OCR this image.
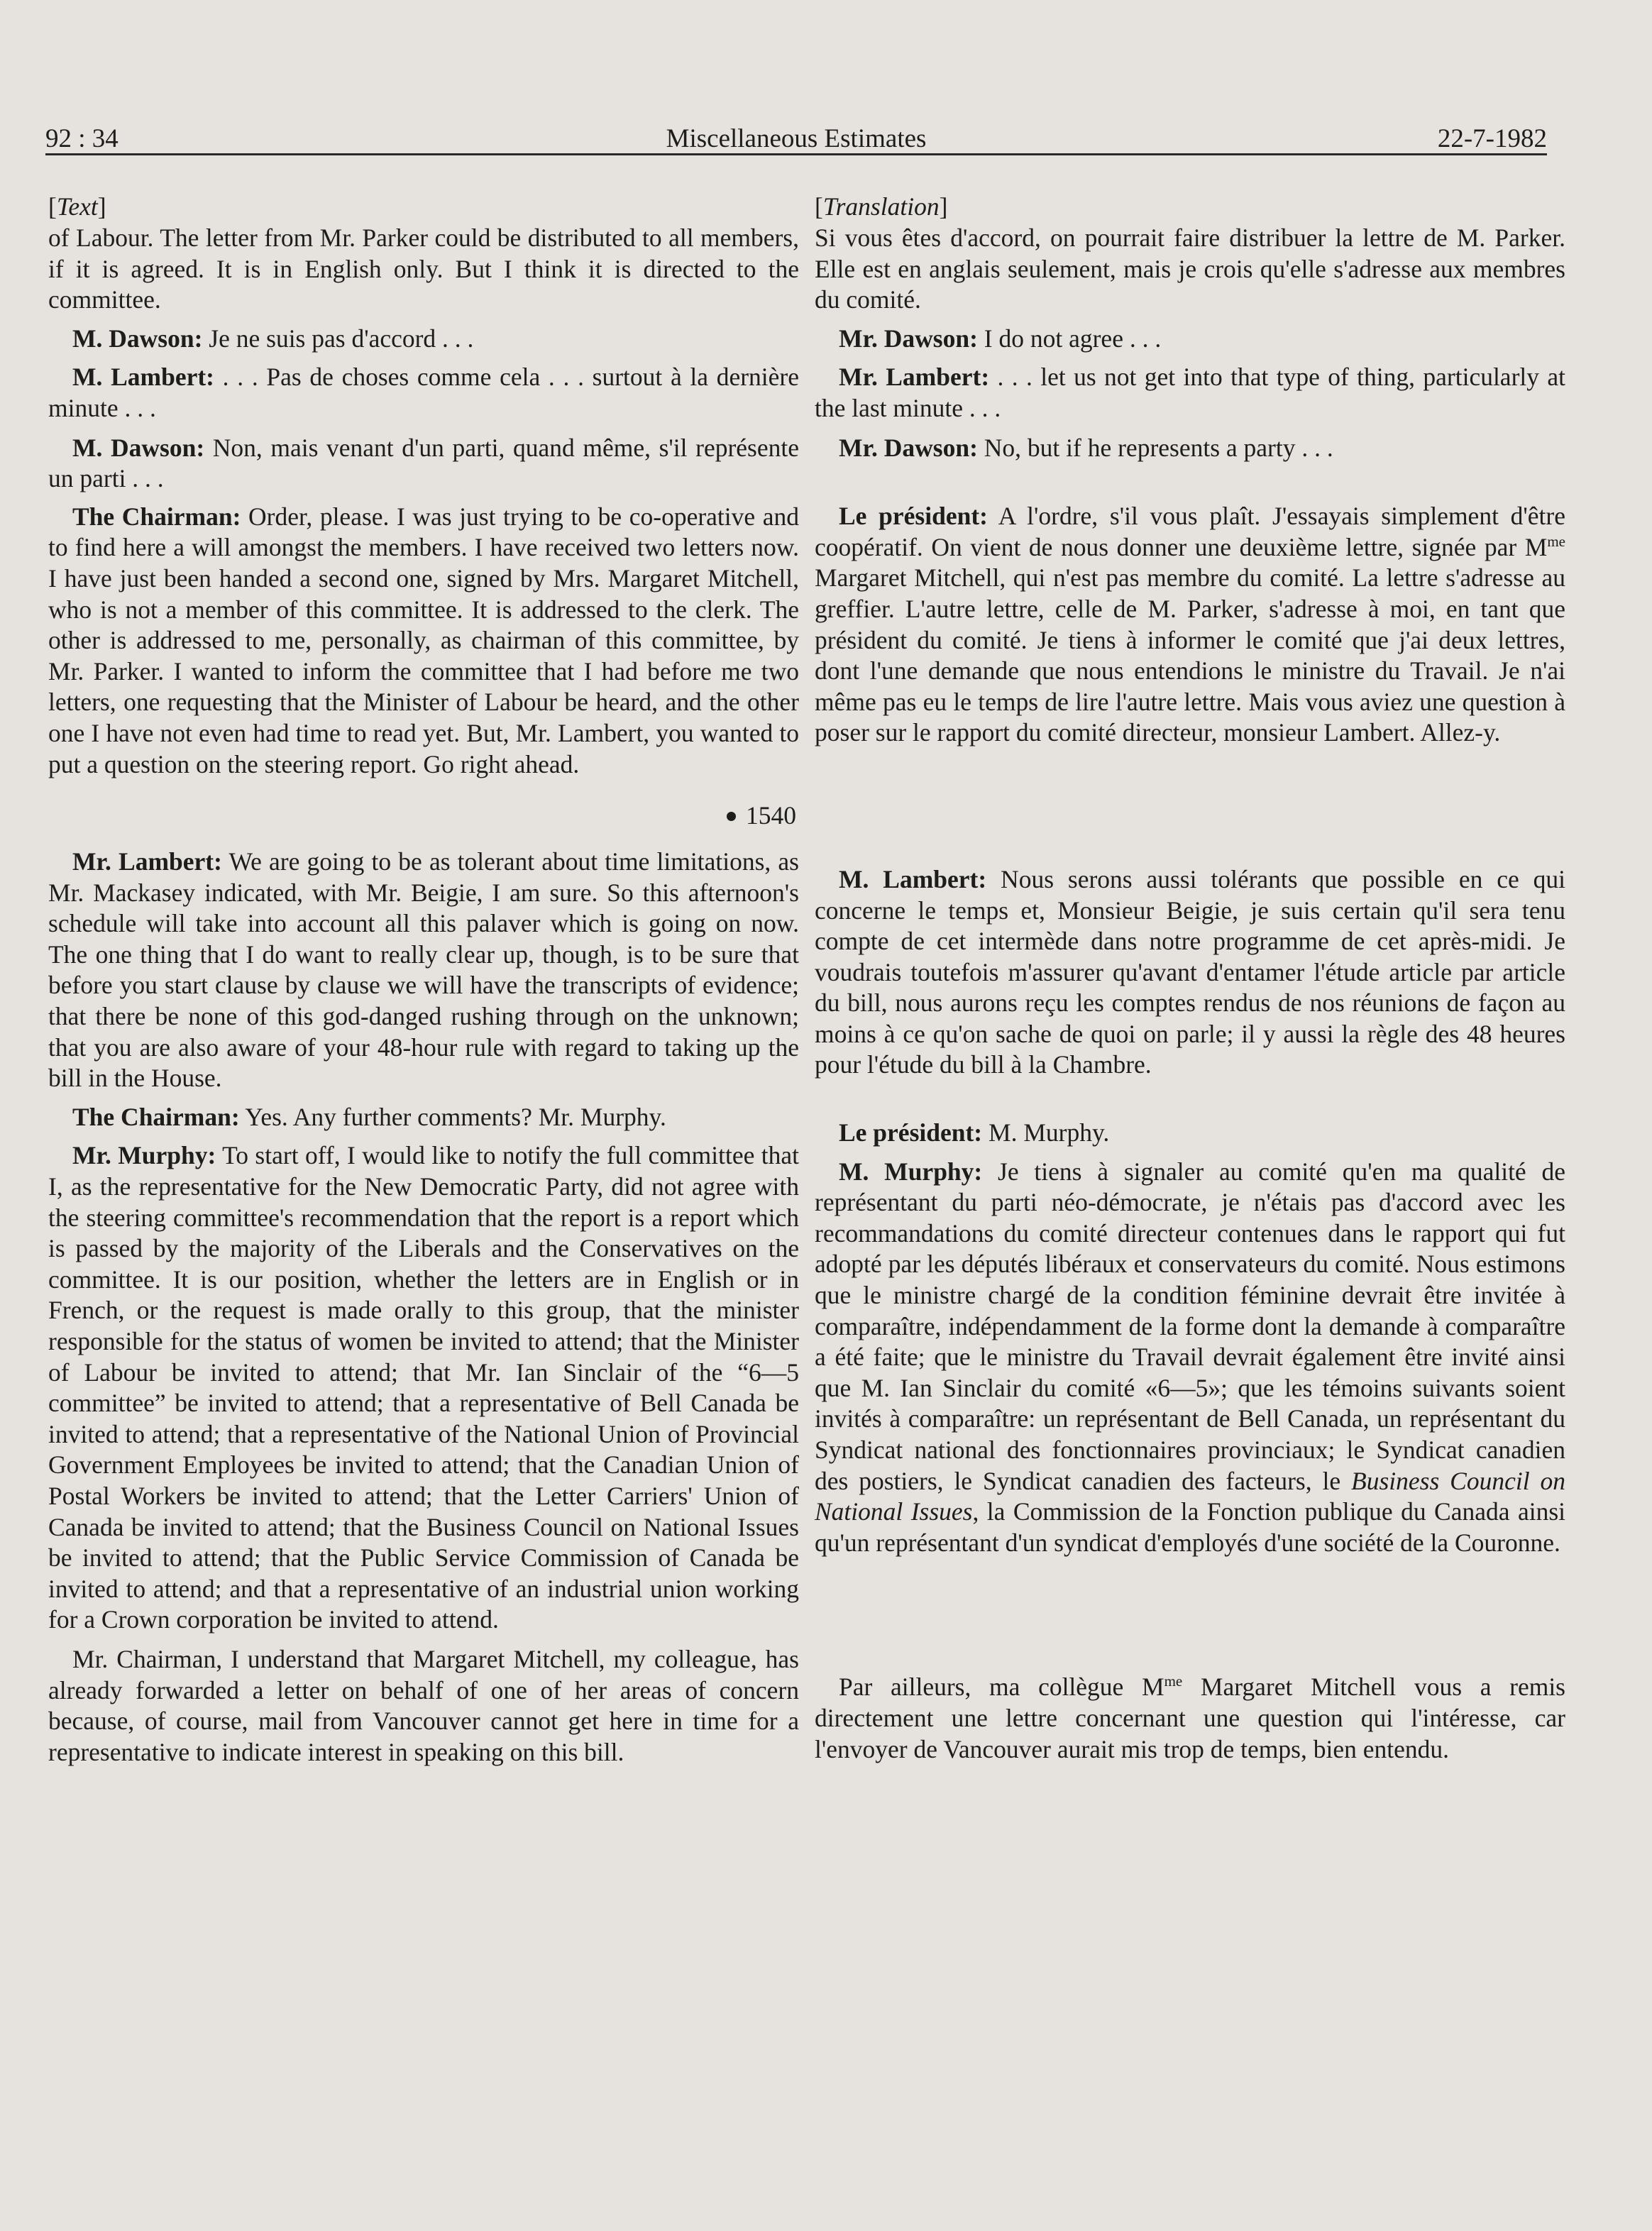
92 : 34	Miscellaneous Estimates	22-7-1982
[Text]

of Labour. The letter from Mr. Parker could be distributed to all members, if it is agreed. It is in English only. But I think it is directed to the committee.

M. Dawson: Je ne suis pas d'accord . . .

M. Lambert: . . . Pas de choses comme cela . . . surtout à la dernière minute . . .

M. Dawson: Non, mais venant d'un parti, quand même, s'il représente un parti . . .

The Chairman: Order, please. I was just trying to be co-operative and to find here a will amongst the members. I have received two letters now. I have just been handed a second one, signed by Mrs. Margaret Mitchell, who is not a member of this committee. It is addressed to the clerk. The other is addressed to me, personally, as chairman of this committee, by Mr. Parker. I wanted to inform the committee that I had before me two letters, one requesting that the Minister of Labour be heard, and the other one I have not even had time to read yet. But, Mr. Lambert, you wanted to put a question on the steering report. Go right ahead.

1540

Mr. Lambert: We are going to be as tolerant about time limitations, as Mr. Mackasey indicated, with Mr. Beigie, I am sure. So this afternoon's schedule will take into account all this palaver which is going on now. The one thing that I do want to really clear up, though, is to be sure that before you start clause by clause we will have the transcripts of evidence; that there be none of this god-danged rushing through on the unknown; that you are also aware of your 48-hour rule with regard to taking up the bill in the House.

The Chairman: Yes. Any further comments? Mr. Murphy.

Mr. Murphy: To start off, I would like to notify the full committee that I, as the representative for the New Democratic Party, did not agree with the steering committee's recommendation that the report is a report which is passed by the majority of the Liberals and the Conservatives on the committee. It is our position, whether the letters are in English or in French, or the request is made orally to this group, that the minister responsible for the status of women be invited to attend; that the Minister of Labour be invited to attend; that Mr. Ian Sinclair of the “6—5 committee” be invited to attend; that a representative of Bell Canada be invited to attend; that a representative of the National Union of Provincial Government Employees be invited to attend; that the Canadian Union of Postal Workers be invited to attend; that the Letter Carriers' Union of Canada be invited to attend; that the Business Council on National Issues be invited to attend; that the Public Service Commission of Canada be invited to attend; and that a representative of an industrial union working for a Crown corporation be invited to attend.

Mr. Chairman, I understand that Margaret Mitchell, my colleague, has already forwarded a letter on behalf of one of her areas of concern because, of course, mail from Vancouver cannot get here in time for a representative to indicate interest in speaking on this bill.

[Translation]

Si vous êtes d'accord, on pourrait faire distribuer la lettre de M. Parker. Elle est en anglais seulement, mais je crois qu'elle s'adresse aux membres du comité.

Mr. Dawson: I do not agree . . .

Mr. Lambert: . . . let us not get into that type of thing, particularly at the last minute . . .

Mr. Dawson: No, but if he represents a party . . .

Le président: A l'ordre, s'il vous plaît. J'essayais simplement d'être coopératif. On vient de nous donner une deuxième lettre, signée par $M^{me}$ Margaret Mitchell, qui n'est pas membre du comité. La lettre s'adresse au greffier. L'autre lettre, celle de M. Parker, s'adresse à moi, en tant que président du comité. Je tiens à informer le comité que j'ai deux lettres, dont l'une demande que nous entendions le ministre du Travail. Je n'ai même pas eu le temps de lire l'autre lettre. Mais vous aviez une question à poser sur le rapport du comité directeur, monsieur Lambert. Allez-y.

M. Lambert: Nous serons aussi tolérants que possible en ce qui concerne le temps et, Monsieur Beigie, je suis certain qu'il sera tenu compte de cet intermède dans notre programme de cet après-midi. Je voudrais toutefois m'assurer qu'avant d'entamer l'étude article par article du bill, nous aurons reçu les comptes rendus de nos réunions de façon au moins à ce qu'on sache de quoi on parle; il y aussi la règle des 48 heures pour l'étude du bill à la Chambre.

Le président: M. Murphy.

M. Murphy: Je tiens à signaler au comité qu'en ma qualité de représentant du parti néo-démocrate, je n'étais pas d'accord avec les recommandations du comité directeur contenues dans le rapport qui fut adopté par les députés libéraux et conservateurs du comité. Nous estimons que le ministre chargé de la condition féminine devrait être invitée à comparaître, indépendamment de la forme dont la demande à comparaître a été faite; que le ministre du Travail devrait également être invité ainsi que M. Ian Sinclair du comité «6—5»; que les témoins suivants soient invités à comparaître: un représentant de Bell Canada, un représentant du Syndicat national des fonctionnaires provinciaux; le Syndicat canadien des postiers, le Syndicat canadien des facteurs, le Business Council on National Issues, la Commission de la Fonction publique du Canada ainsi qu'un représentant d'un syndicat d'employés d'une société de la Couronne.

Par ailleurs, ma collègue $M^{me}$ Margaret Mitchell vous a remis directement une lettre concernant une question qui l'intéresse, car l'envoyer de Vancouver aurait mis trop de temps, bien entendu.
